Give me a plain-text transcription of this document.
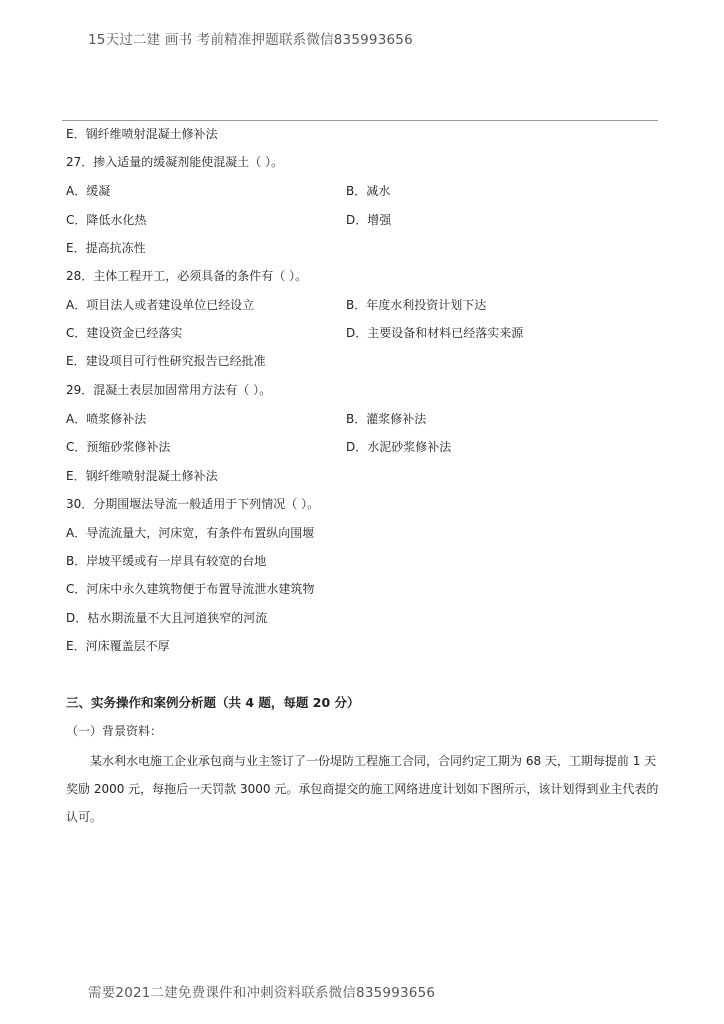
15天过二建 画书 考前精准押题联系微信835993656
E．钢纤维喷射混凝土修补法
27．掺入适量的缓凝剂能使混凝土（ ）。
A．缓凝	B．减水
C．降低水化热	D．增强
E．提高抗冻性
28．主体工程开工，必须具备的条件有（ ）。
A．项目法人或者建设单位已经设立	B．年度水利投资计划下达
C．建设资金已经落实	D．主要设备和材料已经落实来源
E．建设项目可行性研究报告已经批准
29．混凝土表层加固常用方法有（ ）。
A．喷浆修补法	B．灌浆修补法
C．预缩砂浆修补法	D．水泥砂浆修补法
E．钢纤维喷射混凝土修补法
30．分期围堰法导流一般适用于下列情况（ ）。
A．导流流量大，河床宽，有条件布置纵向围堰
B．岸坡平缓或有一岸具有较宽的台地
C．河床中永久建筑物便于布置导流泄水建筑物
D．枯水期流量不大且河道狭窄的河流
E．河床覆盖层不厚
三、实务操作和案例分析题（共 4 题，每题 20 分）
（一）背景资料：
某水利水电施工企业承包商与业主签订了一份堤防工程施工合同，合同约定工期为 68 天，工期每提前 1 天奖励 2000 元，每拖后一天罚款 3000 元。承包商提交的施工网络进度计划如下图所示，该计划得到业主代表的认可。
需要2021二建免费课件和冲刺资料联系微信835993656
